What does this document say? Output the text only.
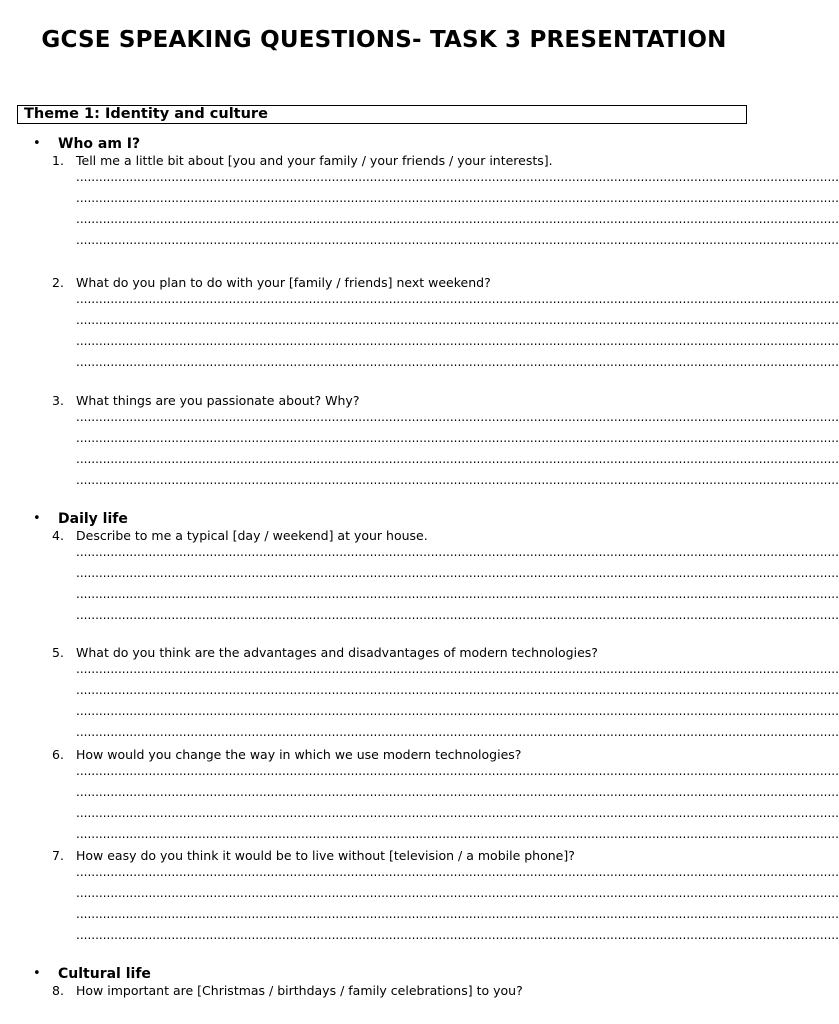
GCSE SPEAKING QUESTIONS- TASK 3 PRESENTATION
Theme 1: Identity and culture
• Who am I?
1. Tell me a little bit about [you and your family / your friends / your interests].
........................................................................................................................................................................................................
........................................................................................................................................................................................................
........................................................................................................................................................................................................
........................................................................................................................................................................................................
2. What do you plan to do with your [family / friends] next weekend?
........................................................................................................................................................................................................
........................................................................................................................................................................................................
........................................................................................................................................................................................................
........................................................................................................................................................................................................
3. What things are you passionate about? Why?
........................................................................................................................................................................................................
........................................................................................................................................................................................................
........................................................................................................................................................................................................
........................................................................................................................................................................................................
• Daily life
4. Describe to me a typical [day / weekend] at your house.
........................................................................................................................................................................................................
........................................................................................................................................................................................................
........................................................................................................................................................................................................
........................................................................................................................................................................................................
5. What do you think are the advantages and disadvantages of modern technologies?
........................................................................................................................................................................................................
........................................................................................................................................................................................................
........................................................................................................................................................................................................
........................................................................................................................................................................................................
6. How would you change the way in which we use modern technologies?
........................................................................................................................................................................................................
........................................................................................................................................................................................................
........................................................................................................................................................................................................
........................................................................................................................................................................................................
7. How easy do you think it would be to live without [television / a mobile phone]?
........................................................................................................................................................................................................
........................................................................................................................................................................................................
........................................................................................................................................................................................................
........................................................................................................................................................................................................
• Cultural life
8. How important are [Christmas / birthdays / family celebrations] to you?
